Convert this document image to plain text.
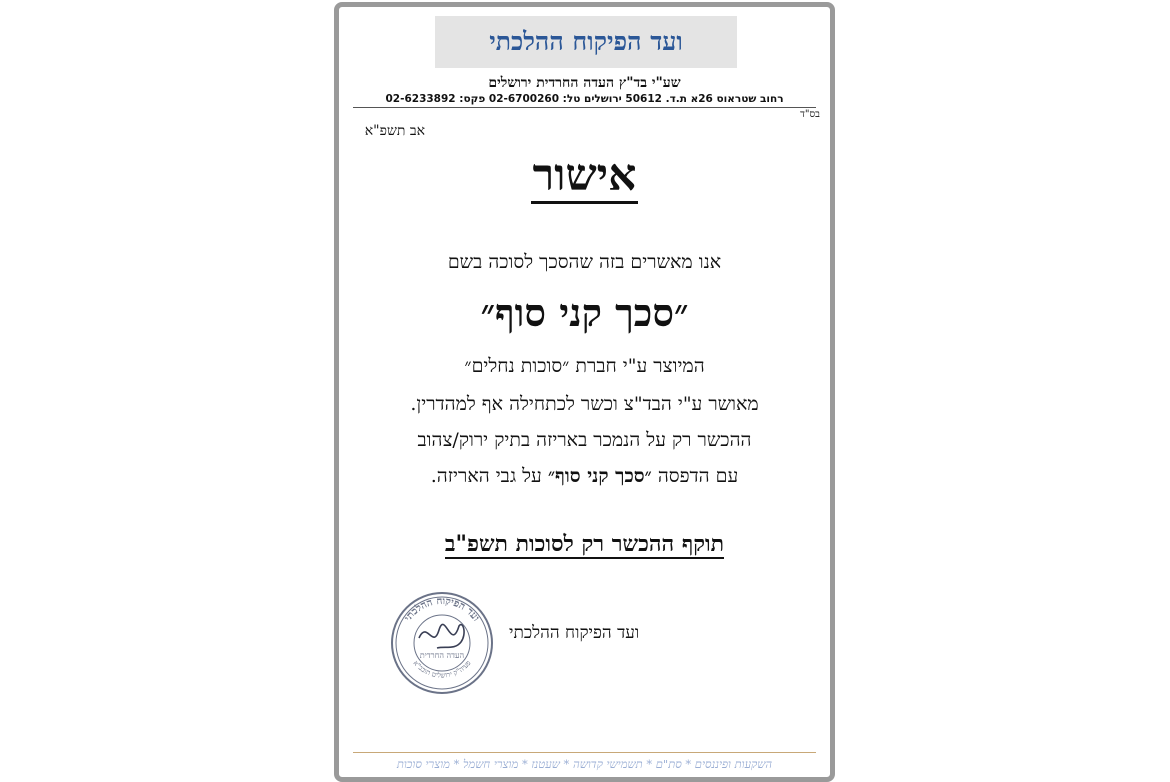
ועד הפיקוח ההלכתי
שע"י בד"ץ העדה החרדית ירושלים
רחוב שטראוס 26א ת.ד. 50612 ירושלים טל: 02-6700260 פקס: 02-6233892
בס"ד
אב תשפ"א
אישור
אנו מאשרים בזה שהסכך לסוכה בשם
״סכך קני סוף״
המיוצר ע"י חברת ״סוכות נחלים״
מאושר ע"י הבד"צ וכשר לכתחילה אף למהדרין.
ההכשר רק על הנמכר באריזה בתיק ירוק/צהוב
עם הדפסה ״סכך קני סוף״ על גבי האריזה.
תוקף ההכשר רק לסוכות תשפ"ב
ועד הפיקוח ההלכתי
פעיה"ק ירושלים תובב"א
העדה החרדית
ועד הפיקוח ההלכתי
השקעות ופיננסים * סת"ם * תשמישי קדושה * שעטנז * מוצרי חשמל * מוצרי סוכות
